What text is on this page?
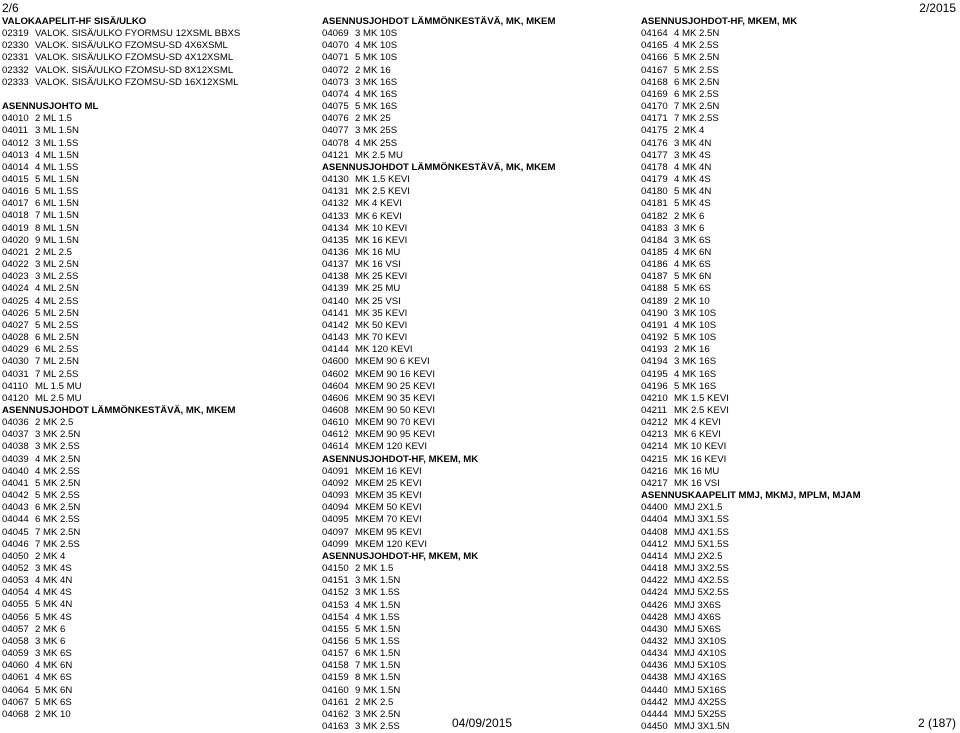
2/6	2/2015
VALOKAAPELIT-HF SISÄ/ULKO
02319 VALOK. SISÄ/ULKO FYORMSU 12XSML BBXS
02330 VALOK. SISÄ/ULKO FZOMSU-SD 4X6XSML
02331 VALOK. SISÄ/ULKO FZOMSU-SD 4X12XSML
02332 VALOK. SISÄ/ULKO FZOMSU-SD 8X12XSML
02333 VALOK. SISÄ/ULKO FZOMSU-SD 16X12XSML
ASENNUSJOHTO ML
04010 2 ML 1.5
04011 3 ML 1.5N
04012 3 ML 1.5S
04013 4 ML 1.5N
04014 4 ML 1.5S
04015 5 ML 1.5N
04016 5 ML 1.5S
04017 6 ML 1.5N
04018 7 ML 1.5N
04019 8 ML 1.5N
04020 9 ML 1.5N
04021 2 ML 2.5
04022 3 ML 2.5N
04023 3 ML 2.5S
04024 4 ML 2.5N
04025 4 ML 2.5S
04026 5 ML 2.5N
04027 5 ML 2.5S
04028 6 ML 2.5N
04029 6 ML 2.5S
04030 7 ML 2.5N
04031 7 ML 2.5S
04110 ML 1.5 MU
04120 ML 2.5 MU
ASENNUSJOHDOT LÄMMÖNKESTÄVÄ, MK, MKEM
04036 2 MK 2.5
04037 3 MK 2.5N
04038 3 MK 2.5S
04039 4 MK 2.5N
04040 4 MK 2.5S
04041 5 MK 2.5N
04042 5 MK 2.5S
04043 6 MK 2.5N
04044 6 MK 2.5S
04045 7 MK 2.5N
04046 7 MK 2.5S
04050 2 MK 4
04052 3 MK 4S
04053 4 MK 4N
04054 4 MK 4S
04055 5 MK 4N
04056 5 MK 4S
04057 2 MK 6
04058 3 MK 6
04059 3 MK 6S
04060 4 MK 6N
04061 4 MK 6S
04064 5 MK 6N
04067 5 MK 6S
04068 2 MK 10
ASENNUSJOHDOT LÄMMÖNKESTÄVÄ, MK, MKEM
04069 3 MK 10S
04070 4 MK 10S
04071 5 MK 10S
04072 2 MK 16
04073 3 MK 16S
04074 4 MK 16S
04075 5 MK 16S
04076 2 MK 25
04077 3 MK 25S
04078 4 MK 25S
04121 MK 2.5 MU
ASENNUSJOHDOT LÄMMÖNKESTÄVÄ, MK, MKEM
04130 MK 1.5 KEVI
04131 MK 2.5 KEVI
04132 MK 4 KEVI
04133 MK 6 KEVI
04134 MK 10 KEVI
04135 MK 16 KEVI
04136 MK 16 MU
04137 MK 16 VSI
04138 MK 25 KEVI
04139 MK 25 MU
04140 MK 25 VSI
04141 MK 35 KEVI
04142 MK 50 KEVI
04143 MK 70 KEVI
04144 MK 120 KEVI
04600 MKEM 90 6 KEVI
04602 MKEM 90 16 KEVI
04604 MKEM 90 25 KEVI
04606 MKEM 90 35 KEVI
04608 MKEM 90 50 KEVI
04610 MKEM 90 70 KEVI
04612 MKEM 90 95 KEVI
04614 MKEM 120 KEVI
ASENNUSJOHDOT-HF, MKEM, MK
04091 MKEM 16 KEVI
04092 MKEM 25 KEVI
04093 MKEM 35 KEVI
04094 MKEM 50 KEVI
04095 MKEM 70 KEVI
04097 MKEM 95 KEVI
04099 MKEM 120 KEVI
ASENNUSJOHDOT-HF, MKEM, MK
04150 2 MK 1.5
04151 3 MK 1.5N
04152 3 MK 1.5S
04153 4 MK 1.5N
04154 4 MK 1.5S
04155 5 MK 1.5N
04156 5 MK 1.5S
04157 6 MK 1.5N
04158 7 MK 1.5N
04159 8 MK 1.5N
04160 9 MK 1.5N
04161 2 MK 2.5
04162 3 MK 2.5N
04163 3 MK 2.5S
ASENNUSJOHDOT-HF, MKEM, MK
04164 4 MK 2.5N
04165 4 MK 2.5S
04166 5 MK 2.5N
04167 5 MK 2.5S
04168 6 MK 2.5N
04169 6 MK 2.5S
04170 7 MK 2.5N
04171 7 MK 2.5S
04175 2 MK 4
04176 3 MK 4N
04177 3 MK 4S
04178 4 MK 4N
04179 4 MK 4S
04180 5 MK 4N
04181 5 MK 4S
04182 2 MK 6
04183 3 MK 6
04184 3 MK 6S
04185 4 MK 6N
04186 4 MK 6S
04187 5 MK 6N
04188 5 MK 6S
04189 2 MK 10
04190 3 MK 10S
04191 4 MK 10S
04192 5 MK 10S
04193 2 MK 16
04194 3 MK 16S
04195 4 MK 16S
04196 5 MK 16S
04210 MK 1.5 KEVI
04211 MK 2.5 KEVI
04212 MK 4 KEVI
04213 MK 6 KEVI
04214 MK 10 KEVI
04215 MK 16 KEVI
04216 MK 16 MU
04217 MK 16 VSI
ASENNUSKAAPELIT MMJ, MKMJ, MPLM, MJAM
04400 MMJ 2X1.5
04404 MMJ 3X1.5S
04408 MMJ 4X1.5S
04412 MMJ 5X1.5S
04414 MMJ 2X2.5
04418 MMJ 3X2.5S
04422 MMJ 4X2.5S
04424 MMJ 5X2.5S
04426 MMJ 3X6S
04428 MMJ 4X6S
04430 MMJ 5X6S
04432 MMJ 3X10S
04434 MMJ 4X10S
04436 MMJ 5X10S
04438 MMJ 4X16S
04440 MMJ 5X16S
04442 MMJ 4X25S
04444 MMJ 5X25S
04450 MMJ 3X1.5N
04/09/2015	2 (187)
